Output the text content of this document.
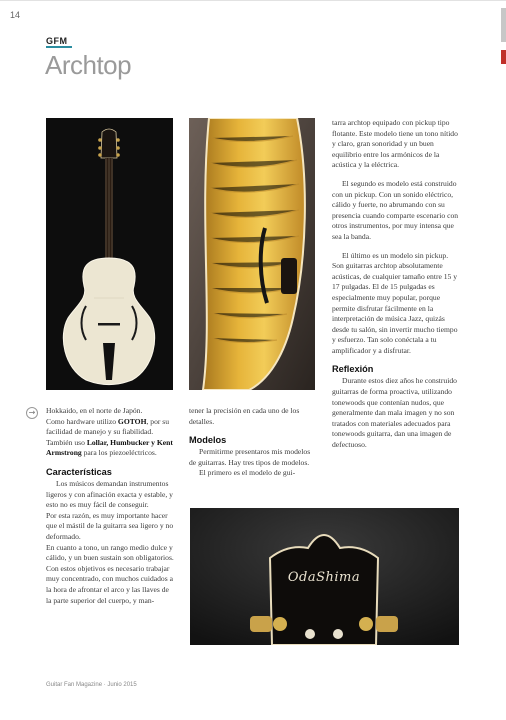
14
GFM
Archtop
OdaShima
→	Hokkaido, en el norte de Japón.

Como hardware utilizo GOTOH, por su facilidad de manejo y su fiabilidad. También uso Lollar, Humbucker y Kent Armstrong para los piezoeléctricos.

Características

Los músicos demandan instrumentos ligeros y con afinación exacta y estable, y esto no es muy fácil de conseguir.

Por esta razón, es muy importante hacer que el mástil de la guitarra sea ligero y no deformado.

En cuanto a tono, un rango medio dulce y cálido, y un buen sustain son obligatorios. Con estos objetivos es necesario trabajar muy concentrado, con muchos cuidados a la hora de afrontar el arco y las llaves de la parte superior del cuerpo, y man-

tener la precisión en cada uno de los detalles.

Modelos

Permitirme presentaros mis modelos de guitarras. Hay tres tipos de modelos.

El primero es el modelo de gui-

tarra archtop equipado con pickup tipo flotante. Este modelo tiene un tono nítido y claro, gran sonoridad y un buen equilibrio entre los armónicos de la acústica y la eléctrica.

El segundo es modelo está construido con un pickup. Con un sonido eléctrico, cálido y fuerte, no abrumando con su presencia cuando comparte escenario con otros instrumentos, por muy intensa que sea la banda.

El último es un modelo sin pickup. Son guitarras archtop absolutamente acústicas, de cualquier tamaño entre 15 y 17 pulgadas. El de 15 pulgadas es especialmente muy popular, porque permite disfrutar fácilmente en la interpretación de música Jazz, quizás desde tu salón, sin invertir mucho tiempo y esfuerzo. Tan solo conéctala a tu amplificador y a disfrutar.

Reflexión

Durante estos diez años he construido guitarras de forma proactiva, utilizando tonewoods que contenían nudos, que generalmente dan mala imagen y no son tratados con materiales adecuados para tonewoods guitarra, dan una imagen de defectuoso.

Guitar Fan Magazine · Junio 2015
